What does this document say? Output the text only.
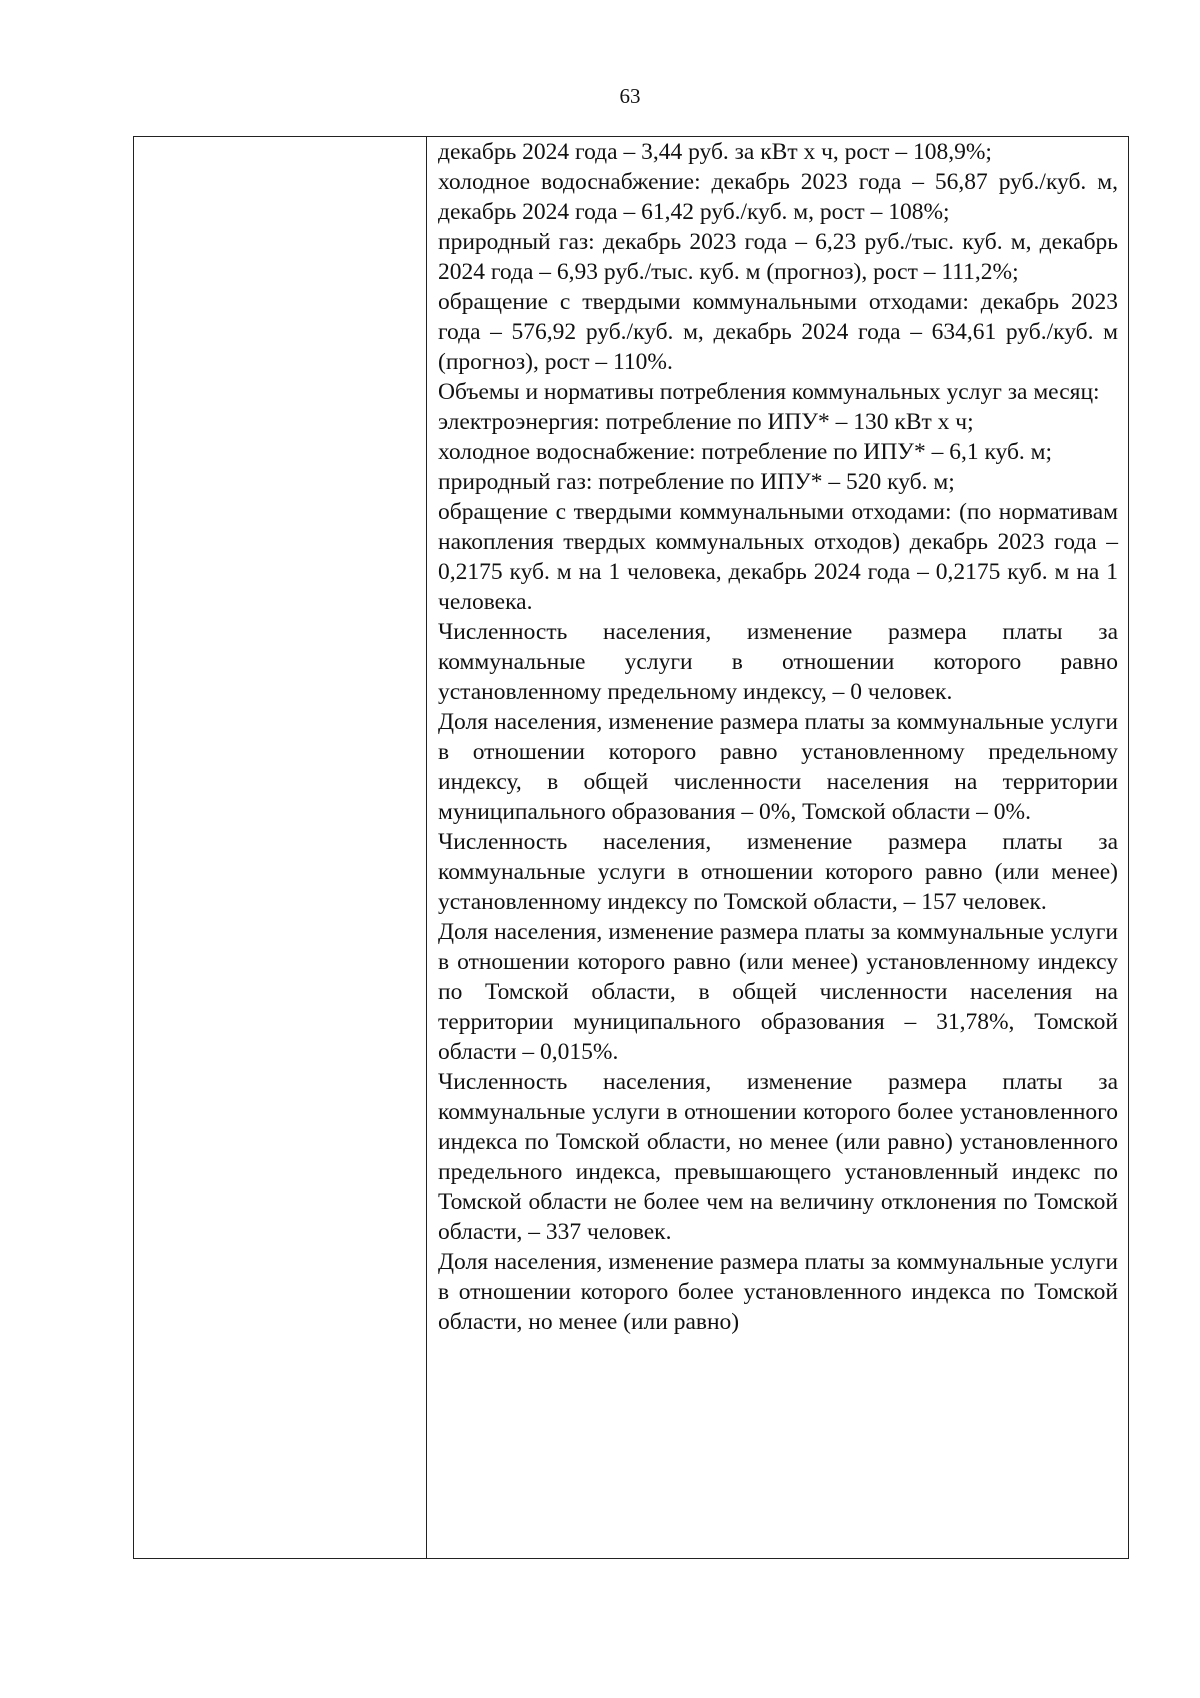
63

декабрь 2024 года – 3,44 руб. за кВт х ч, рост – 108,9%;

холодное водоснабжение: декабрь 2023 года – 56,87 руб./куб. м, декабрь 2024 года – 61,42 руб./куб. м, рост – 108%;

природный газ: декабрь 2023 года – 6,23 руб./тыс. куб. м, декабрь 2024 года – 6,93 руб./тыс. куб. м (прогноз), рост – 111,2%;

обращение с твердыми коммунальными отходами: декабрь 2023 года – 576,92 руб./куб. м, декабрь 2024 года – 634,61 руб./куб. м (прогноз), рост – 110%.

Объемы и нормативы потребления коммунальных услуг за месяц:

электроэнергия: потребление по ИПУ* – 130 кВт х ч;

холодное водоснабжение: потребление по ИПУ* – 6,1 куб. м;

природный газ: потребление по ИПУ* – 520 куб. м;

обращение с твердыми коммунальными отходами: (по нормативам накопления твердых коммунальных отходов) декабрь 2023 года – 0,2175 куб. м на 1 человека, декабрь 2024 года – 0,2175 куб. м на 1 человека.

Численность населения, изменение размера платы за коммунальные услуги в отношении которого равно установленному предельному индексу, – 0 человек.

Доля населения, изменение размера платы за коммунальные услуги в отношении которого равно установленному предельному индексу, в общей численности населения на территории муниципального образования – 0%, Томской области – 0%.

Численность населения, изменение размера платы за коммунальные услуги в отношении которого равно (или менее) установленному индексу по Томской области, – 157 человек.

Доля населения, изменение размера платы за коммунальные услуги в отношении которого равно (или менее) установленному индексу по Томской области, в общей численности населения на территории муниципального образования – 31,78%, Томской области – 0,015%.

Численность населения, изменение размера платы за коммунальные услуги в отношении которого более установленного индекса по Томской области, но менее (или равно) установленного предельного индекса, превышающего установленный индекс по Томской области не более чем на величину отклонения по Томской области, – 337 человек.

Доля населения, изменение размера платы за коммунальные услуги в отношении которого более установленного индекса по Томской области, но менее (или равно)
